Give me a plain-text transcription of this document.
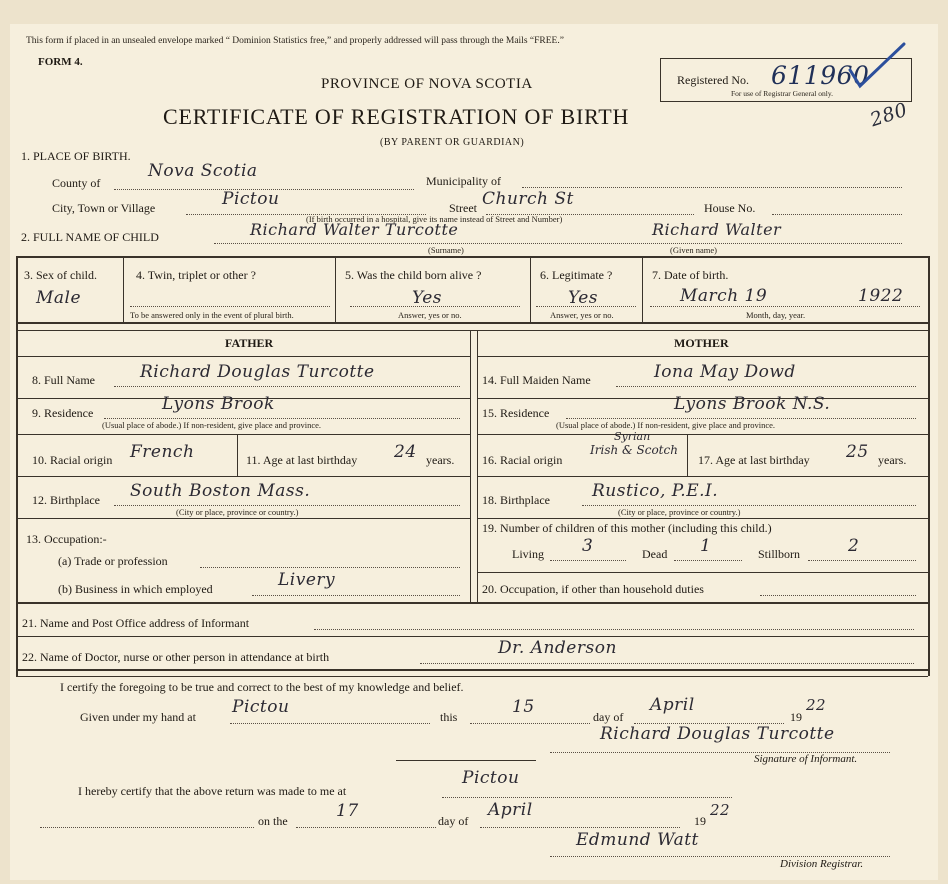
This form if placed in an unsealed envelope marked “ Dominion Statistics free,” and properly addressed will pass through the Mails “FREE.”
FORM 4.
PROVINCE OF NOVA SCOTIA
CERTIFICATE OF REGISTRATION OF BIRTH
(BY PARENT OR GUARDIAN)
Registered No. 611960
For use of Registrar General only.
280
1. PLACE OF BIRTH.
County of
Nova Scotia	Municipality of
City, Town or Village	Pictou	Street Church St	House No.
(If birth occurred in a hospital, give its name instead of Street and Number)
2. FULL NAME OF CHILD	Richard Walter Turcotte	Richard Walter
(Surname)	(Given name)
3. Sex of child.
Male
4. Twin, triplet or other ?
To be answered only in the event of plural birth.
5. Was the child born alive ?
Yes
Answer, yes or no.
6. Legitimate ?
Yes
Answer, yes or no.
7. Date of birth.
March 19	1922
Month, day, year.
FATHER	MOTHER
8. Full Name	Richard Douglas Turcotte
9. Residence	Lyons Brook
(Usual place of abode.) If non-resident, give place and province.
10. Racial origin French	11. Age at last birthday 24 years.
12. Birthplace South Boston Mass.
(City or place, province or country.)
13. Occupation:-
(a) Trade or profession
(b) Business in which employed	Livery
14. Full Maiden Name	Iona May Dowd
15. Residence	Lyons Brook N.S.
(Usual place of abode.) If non-resident, give place and province.
16. Racial origin
Syrian
Irish & Scotch
17. Age at last birthday 25 years.
18. Birthplace Rustico, P.E.I.
(City or place, province or country.)
19. Number of children of this mother (including this child.)
Living 3	Dead 1	Stillborn	2
20. Occupation, if other than household duties
21. Name and Post Office address of Informant
22. Name of Doctor, nurse or other person in attendance at birth	Dr. Anderson
I certify the foregoing to be true and correct to the best of my knowledge and belief.
Given under my hand at Pictou	this	15	day of
April
19
22
Richard Douglas Turcotte
Signature of Informant.
I hereby certify that the above return was made to me at
Pictou
on the	17	day of
April
19
22
Edmund Watt
Division Registrar.
